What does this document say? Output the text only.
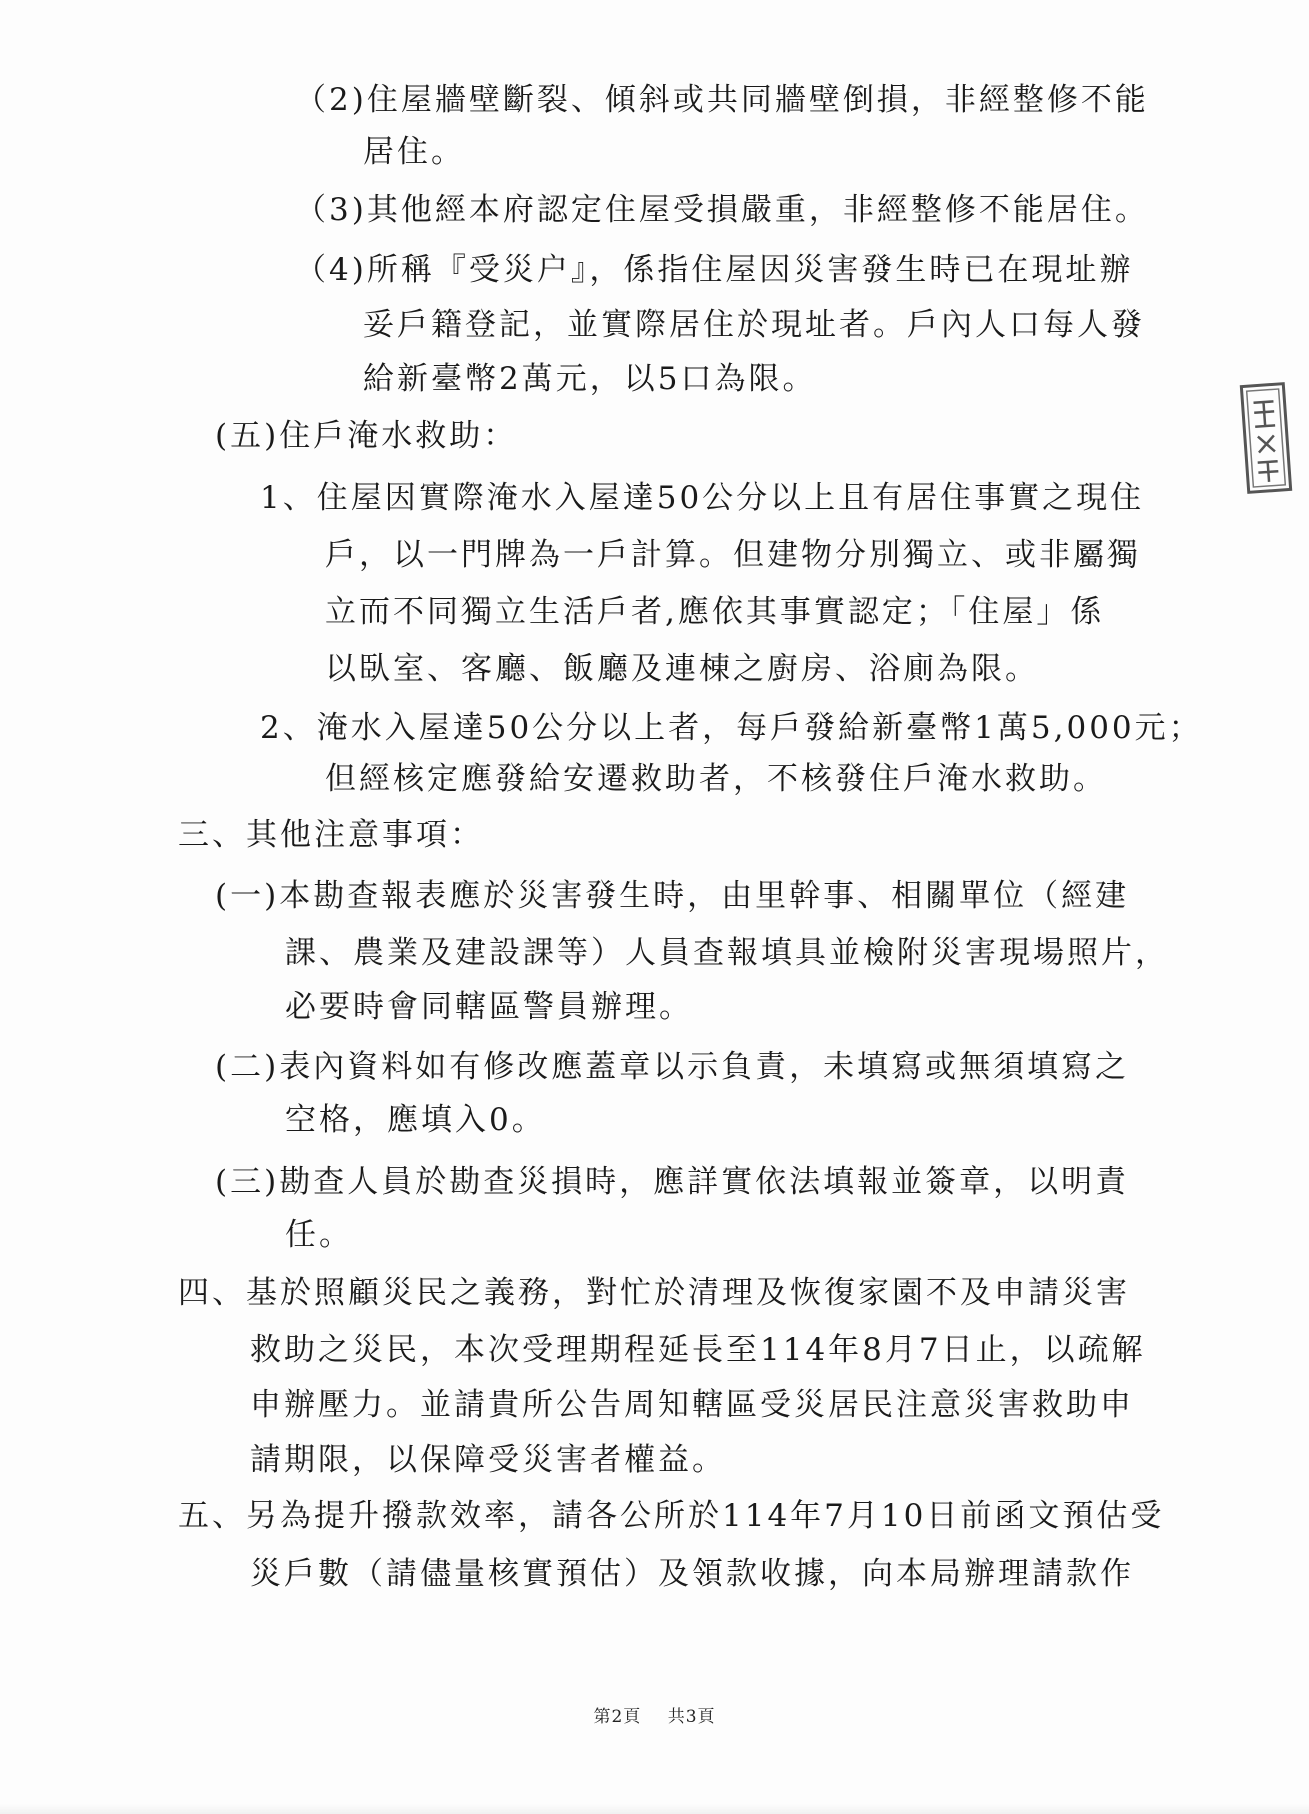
（2)住屋牆壁斷裂、傾斜或共同牆壁倒損，非經整修不能
居住。
（3)其他經本府認定住屋受損嚴重，非經整修不能居住。
（4)所稱『受災户』，係指住屋因災害發生時已在現址辦
妥戶籍登記，並實際居住於現址者。戶內人口每人發
給新臺幣2萬元，以5口為限。
(五)住戶淹水救助：
1、住屋因實際淹水入屋達50公分以上且有居住事實之現住
戶，以一門牌為一戶計算。但建物分別獨立、或非屬獨
立而不同獨立生活戶者,應依其事實認定；「住屋」係
以臥室、客廳、飯廳及連棟之廚房、浴廁為限。
2、淹水入屋達50公分以上者，每戶發給新臺幣1萬5,000元；
但經核定應發給安遷救助者，不核發住戶淹水救助。
三、其他注意事項：
(一)本勘查報表應於災害發生時，由里幹事、相關單位（經建
課、農業及建設課等）人員查報填具並檢附災害現場照片，
必要時會同轄區警員辦理。
(二)表內資料如有修改應蓋章以示負責，未填寫或無須填寫之
空格，應填入0。
(三)勘查人員於勘查災損時，應詳實依法填報並簽章，以明責
任。
四、基於照顧災民之義務，對忙於清理及恢復家園不及申請災害
救助之災民，本次受理期程延長至114年8月7日止，以疏解
申辦壓力。並請貴所公告周知轄區受災居民注意災害救助申
請期限，以保障受災害者權益。
五、另為提升撥款效率，請各公所於114年7月10日前函文預估受
災戶數（請儘量核實預估）及領款收據，向本局辦理請款作
第2頁 共3頁
